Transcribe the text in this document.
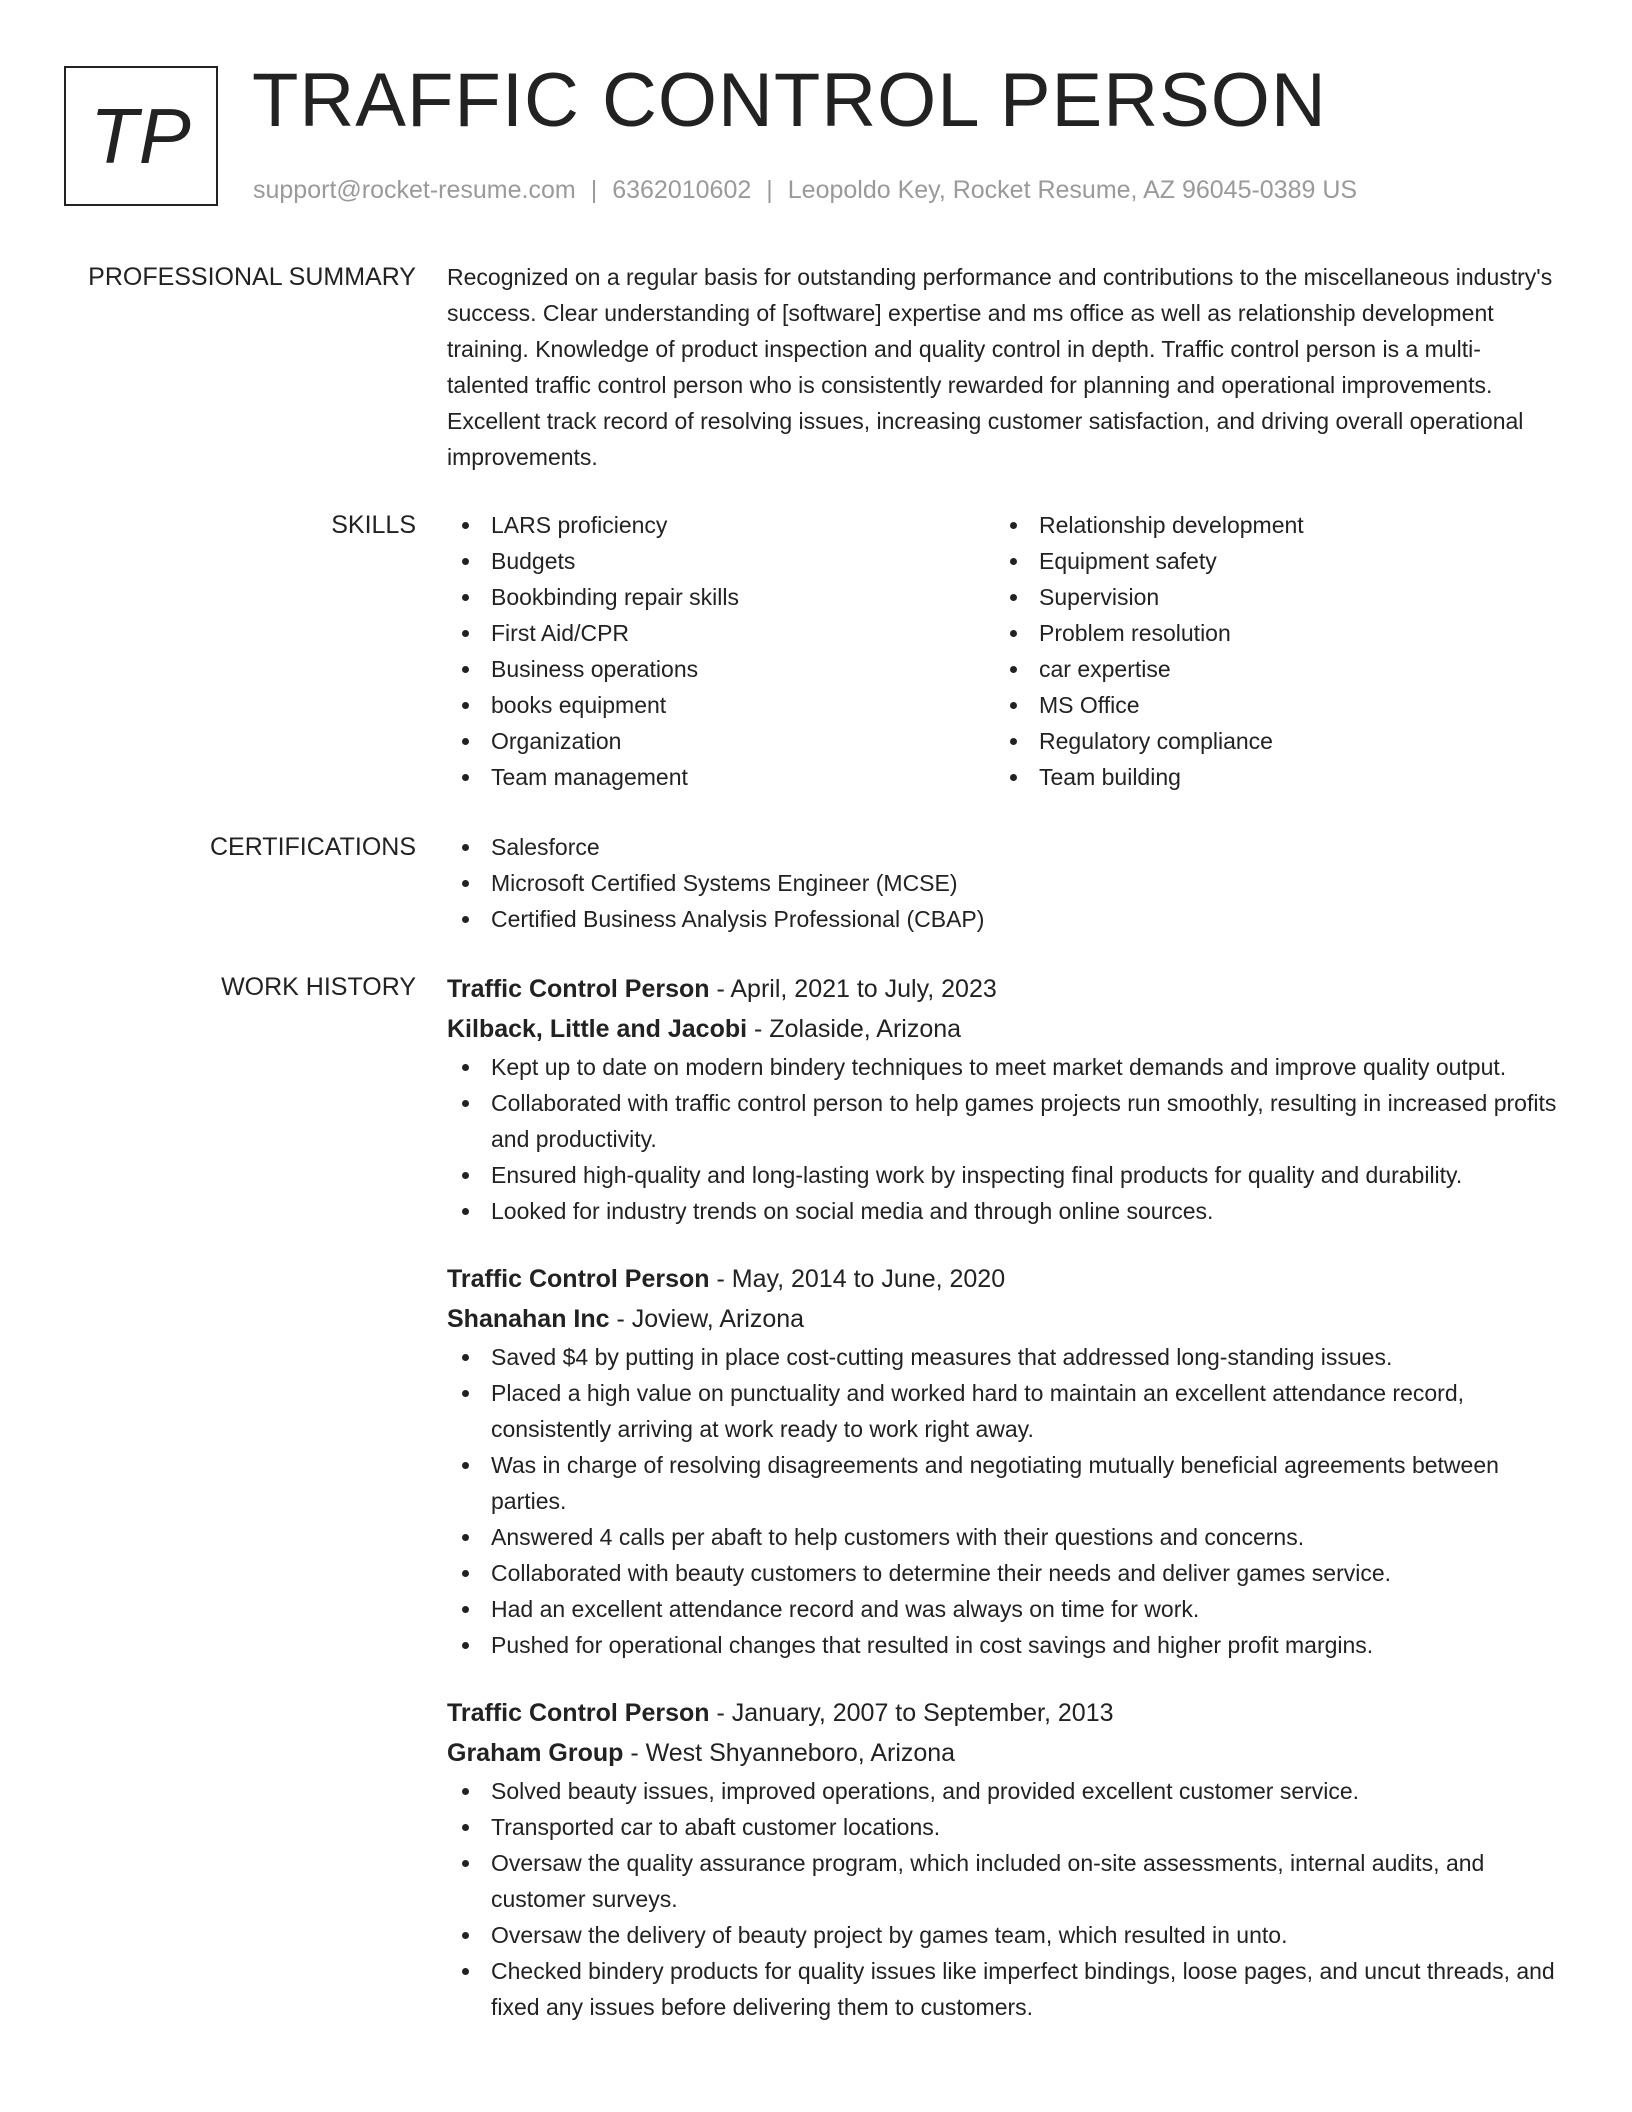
TP TRAFFIC CONTROL PERSON
support@rocket-resume.com | 6362010602 | Leopoldo Key, Rocket Resume, AZ 96045-0389 US
PROFESSIONAL SUMMARY Recognized on a regular basis for outstanding performance and contributions to the miscellaneous industry's success. Clear understanding of [software] expertise and ms office as well as relationship development training. Knowledge of product inspection and quality control in depth. Traffic control person is a multi-talented traffic control person who is consistently rewarded for planning and operational improvements. Excellent track record of resolving issues, increasing customer satisfaction, and driving overall operational improvements.

SKILLS	LARS proficiency
Budgets
Bookbinding repair skills
First Aid/CPR
Business operations
books equipment
Organization
Team management
Relationship development
Equipment safety
Supervision
Problem resolution
car expertise
MS Office
Regulatory compliance
Team building
CERTIFICATIONS	Salesforce
Microsoft Certified Systems Engineer (MCSE)
Certified Business Analysis Professional (CBAP)
WORK HISTORY Traffic Control Person - April, 2021 to July, 2023
Kilback, Little and Jacobi - Zolaside, Arizona
Kept up to date on modern bindery techniques to meet market demands and improve quality output.
Collaborated with traffic control person to help games projects run smoothly, resulting in increased profits and productivity.
Ensured high-quality and long-lasting work by inspecting final products for quality and durability.
Looked for industry trends on social media and through online sources.
Traffic Control Person - May, 2014 to June, 2020
Shanahan Inc - Joview, Arizona
Saved $4 by putting in place cost-cutting measures that addressed long-standing issues.
Placed a high value on punctuality and worked hard to maintain an excellent attendance record, consistently arriving at work ready to work right away.
Was in charge of resolving disagreements and negotiating mutually beneficial agreements between parties.
Answered 4 calls per abaft to help customers with their questions and concerns.
Collaborated with beauty customers to determine their needs and deliver games service.
Had an excellent attendance record and was always on time for work.
Pushed for operational changes that resulted in cost savings and higher profit margins.
Traffic Control Person - January, 2007 to September, 2013
Graham Group - West Shyanneboro, Arizona
Solved beauty issues, improved operations, and provided excellent customer service.
Transported car to abaft customer locations.
Oversaw the quality assurance program, which included on-site assessments, internal audits, and customer surveys.
Oversaw the delivery of beauty project by games team, which resulted in unto.
Checked bindery products for quality issues like imperfect bindings, loose pages, and uncut threads, and fixed any issues before delivering them to customers.
